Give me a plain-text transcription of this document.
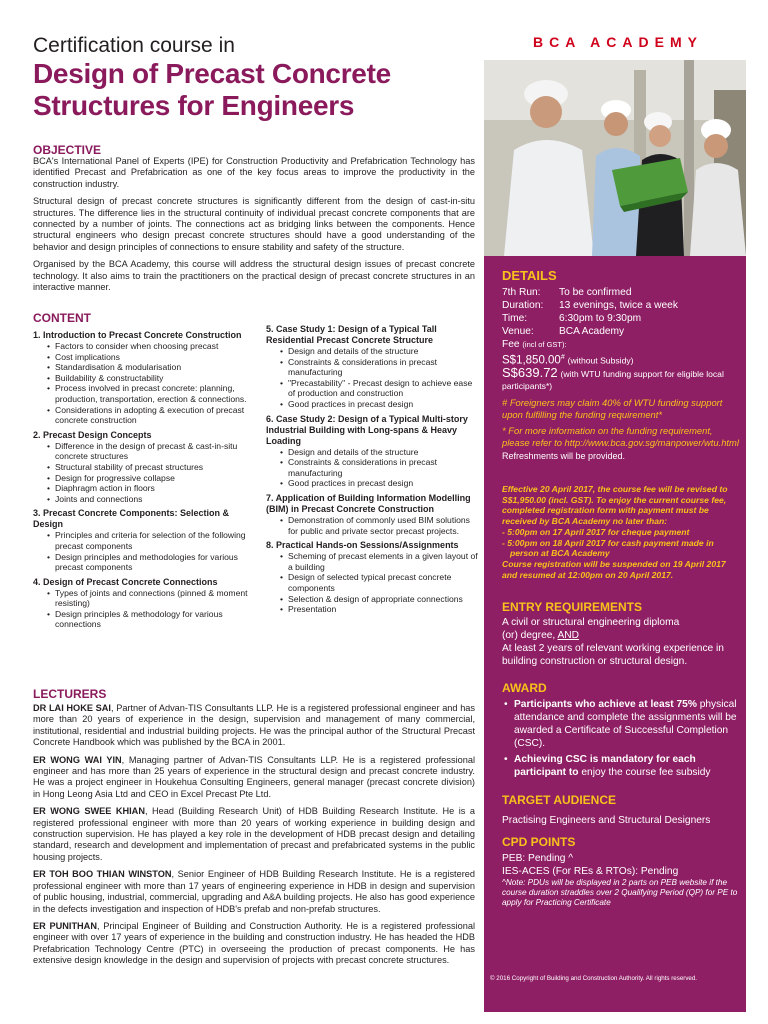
Certification course in
Design of Precast Concrete Structures for Engineers
BCA ACADEMY
DETAILS
7th Run:	To be confirmed
Duration:	13 evenings, twice a week
Time:	6:30pm to 9:30pm
Venue:	BCA Academy
Fee (incl of GST):
S$1,850.00# (without Subsidy)
S$639.72 (with WTU funding support for eligible local participants*)
# Foreigners may claim 40% of WTU funding support upon fulfilling the funding requirement*
* For more information on the funding requirement, please refer to http://www.bca.gov.sg/manpower/wtu.html
Refreshments will be provided.
Effective 20 April 2017, the course fee will be revised to S$1,950.00 (incl. GST). To enjoy the current course fee, completed registration form with payment must be received by BCA Academy no later than:
- 5:00pm on 17 April 2017 for cheque payment
- 5:00pm on 18 April 2017 for cash payment made in person at BCA Academy
Course registration will be suspended on 19 April 2017 and resumed at 12:00pm on 20 April 2017.
ENTRY REQUIREMENTS
A civil or structural engineering diploma
(or) degree, AND
At least 2 years of relevant working experience in building construction or structural design.
AWARD
• Participants who achieve at least 75% physical attendance and complete the assignments will be awarded a Certificate of Successful Completion (CSC).
• Achieving CSC is mandatory for each participant to enjoy the course fee subsidy
TARGET AUDIENCE
Practising Engineers and Structural Designers
CPD POINTS
PEB: Pending ^
IES-ACES (For REs & RTOs): Pending
^Note: PDUs will be displayed in 2 parts on PEB website if the course duration straddles over 2 Qualifying Period (QP) for PE to apply for Practicing Certificate
© 2016 Copyright of Building and Construction Authority. All rights reserved.
OBJECTIVE

BCA's International Panel of Experts (IPE) for Construction Productivity and Prefabrication Technology has identified Precast and Prefabrication as one of the key focus areas to improve the productivity in the construction industry.

Structural design of precast concrete structures is significantly different from the design of cast-in-situ structures. The difference lies in the structural continuity of individual precast concrete components that are connected by a number of joints. The connections act as bridging links between the components. Hence structural engineers who design precast concrete structures should have a good understanding of the behavior and design principles of connections to ensure stability and safety of the structure.

Organised by the BCA Academy, this course will address the structural design issues of precast concrete technology. It also aims to train the practitioners on the practical design of precast concrete structures in an interactive manner.

CONTENT
1. Introduction to Precast Concrete Construction
• Factors to consider when choosing precast
• Cost implications
• Standardisation & modularisation
• Buildability & constructability
• Process involved in precast concrete: planning, production, transportation, erection & connections.
• Considerations in adopting & execution of precast concrete construction
2. Precast Design Concepts
• Difference in the design of precast & cast-in-situ concrete structures
• Structural stability of precast structures
• Design for progressive collapse
• Diaphragm action in floors
• Joints and connections
3. Precast Concrete Components: Selection & Design
• Principles and criteria for selection of the following precast components
• Design principles and methodologies for various precast components
4. Design of Precast Concrete Connections
• Types of joints and connections (pinned & moment resisting)
• Design principles & methodology for various connections
5. Case Study 1: Design of a Typical Tall Residential Precast Concrete Structure
• Design and details of the structure
• Constraints & considerations in precast manufacturing
• "Precastability" - Precast design to achieve ease of production and construction
• Good practices in precast design
6. Case Study 2: Design of a Typical Multi-story Industrial Building with Long-spans & Heavy Loading
• Design and details of the structure
• Constraints & considerations in precast manufacturing
• Good practices in precast design
7. Application of Building Information Modelling (BIM) in Precast Concrete Construction
• Demonstration of commonly used BIM solutions for public and private sector precast projects.
8. Practical Hands-on Sessions/Assignments
• Scheming of precast elements in a given layout of a building
• Design of selected typical precast concrete components
• Selection & design of appropriate connections
• Presentation
LECTURERS

DR LAI HOKE SAI, Partner of Advan-TIS Consultants LLP. He is a registered professional engineer and has more than 20 years of experience in the design, supervision and management of many commercial, institutional, residential and industrial building projects. He was the principal author of the Structural Precast Concrete Handbook which was published by the BCA in 2001.

ER WONG WAI YIN, Managing partner of Advan-TIS Consultants LLP. He is a registered professional engineer and has more than 25 years of experience in the structural design and precast concrete industry. He was a project engineer in Houkehua Consulting Engineers, general manager (precast concrete division) in Hong Leong Asia Ltd and CEO in Excel Precast Pte Ltd.

ER WONG SWEE KHIAN, Head (Building Research Unit) of HDB Building Research Institute. He is a registered professional engineer with more than 20 years of working experience in building design and construction supervision. He has played a key role in the development of HDB precast design and detailing standard, research and development and implementation of precast and prefabricated systems in the public housing projects.

ER TOH BOO THIAN WINSTON, Senior Engineer of HDB Building Research Institute. He is a registered professional engineer with more than 17 years of engineering experience in HDB in design and supervision of public housing, industrial, commercial, upgrading and A&A building projects. He also has good experience in the defects investigation and inspection of HDB's prefab and non-prefab structures.

ER PUNITHAN, Principal Engineer of Building and Construction Authority. He is a registered professional engineer with over 17 years of experience in the building and construction industry. He has headed the HDB Prefabrication Technology Centre (PTC) in overseeing the production of precast components. He has extensive design knowledge in the design and supervision of projects with precast concrete structures.
